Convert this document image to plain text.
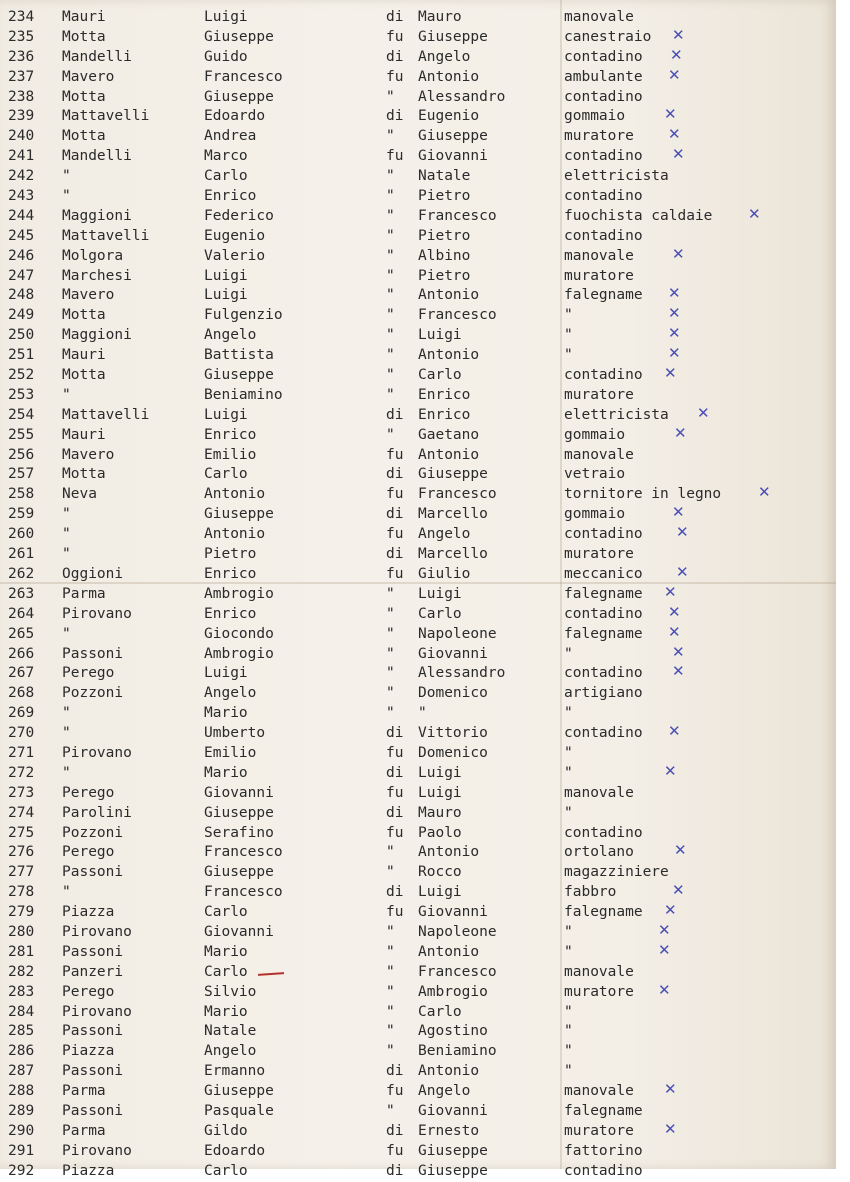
234	Mauri	Luigi	di	Mauro	manovale
235	Motta	Giuseppe	fu	Giuseppe	canestraio ✕
236	Mandelli	Guido	di	Angelo	contadino ✕
237	Mavero	Francesco	fu	Antonio	ambulante ✕
238	Motta	Giuseppe	"	Alessandro	contadino
239	Mattavelli	Edoardo	di	Eugenio	gommaio	✕
240	Motta	Andrea	"	Giuseppe	muratore ✕
241	Mandelli	Marco	fu	Giovanni	contadino ✕
242	"	Carlo	"	Natale	elettricista
243	"	Enrico	"	Pietro	contadino
244	Maggioni	Federico	"	Francesco	fuochista caldaie ✕
245	Mattavelli	Eugenio	"	Pietro	contadino
246	Molgora	Valerio	"	Albino	manovale	✕
247	Marchesi	Luigi	"	Pietro	muratore
248	Mavero	Luigi	"	Antonio	falegname ✕
249	Motta	Fulgenzio	"	Francesco	"	✕
250	Maggioni	Angelo	"	Luigi	"	✕
251	Mauri	Battista	"	Antonio	"	✕
252	Motta	Giuseppe	"	Carlo	contadino ✕
253	"	Beniamino	"	Enrico	muratore
254	Mattavelli	Luigi	di	Enrico	elettricista ✕
255	Mauri	Enrico	"	Gaetano	gommaio	✕
256	Mavero	Emilio	fu	Antonio	manovale
257	Motta	Carlo	di	Giuseppe	vetraio
258	Neva	Antonio	fu	Francesco	tornitore in legno ✕
259	"	Giuseppe	di	Marcello	gommaio	✕
260	"	Antonio	fu	Angelo	contadino ✕
261	"	Pietro	di	Marcello	muratore
262	Oggioni	Enrico	fu	Giulio	meccanico ✕
263	Parma	Ambrogio	"	Luigi	falegname ✕
264	Pirovano	Enrico	"	Carlo	contadino ✕
265	"	Giocondo	"	Napoleone	falegname ✕
266	Passoni	Ambrogio	"	Giovanni	"	✕
267	Perego	Luigi	"	Alessandro	contadino ✕
268	Pozzoni	Angelo	"	Domenico	artigiano
269	"	Mario	"	"	"
270	"	Umberto	di	Vittorio	contadino ✕
271	Pirovano	Emilio	fu	Domenico	"
272	"	Mario	di	Luigi	"	✕
273	Perego	Giovanni	fu	Luigi	manovale
274	Parolini	Giuseppe	di	Mauro	"
275	Pozzoni	Serafino	fu	Paolo	contadino
276	Perego	Francesco	"	Antonio	ortolano	✕
277	Passoni	Giuseppe	"	Rocco	magazziniere
278	"	Francesco	di	Luigi	fabbro	✕
279	Piazza	Carlo	fu	Giovanni	falegname ✕
280	Pirovano	Giovanni	"	Napoleone	"	✕
281	Passoni	Mario	"	Antonio	"	✕
282	Panzeri	Carlo	"	Francesco	manovale
283	Perego	Silvio	"	Ambrogio	muratore ✕
284	Pirovano	Mario	"	Carlo	"
285	Passoni	Natale	"	Agostino	"
286	Piazza	Angelo	"	Beniamino	"
287	Passoni	Ermanno	di	Antonio	"
288	Parma	Giuseppe	fu	Angelo	manovale ✕
289	Passoni	Pasquale	"	Giovanni	falegname
290	Parma	Gildo	di	Ernesto	muratore ✕
291	Pirovano	Edoardo	fu	Giuseppe	fattorino
292	Piazza	Carlo	di	Giuseppe	contadino
